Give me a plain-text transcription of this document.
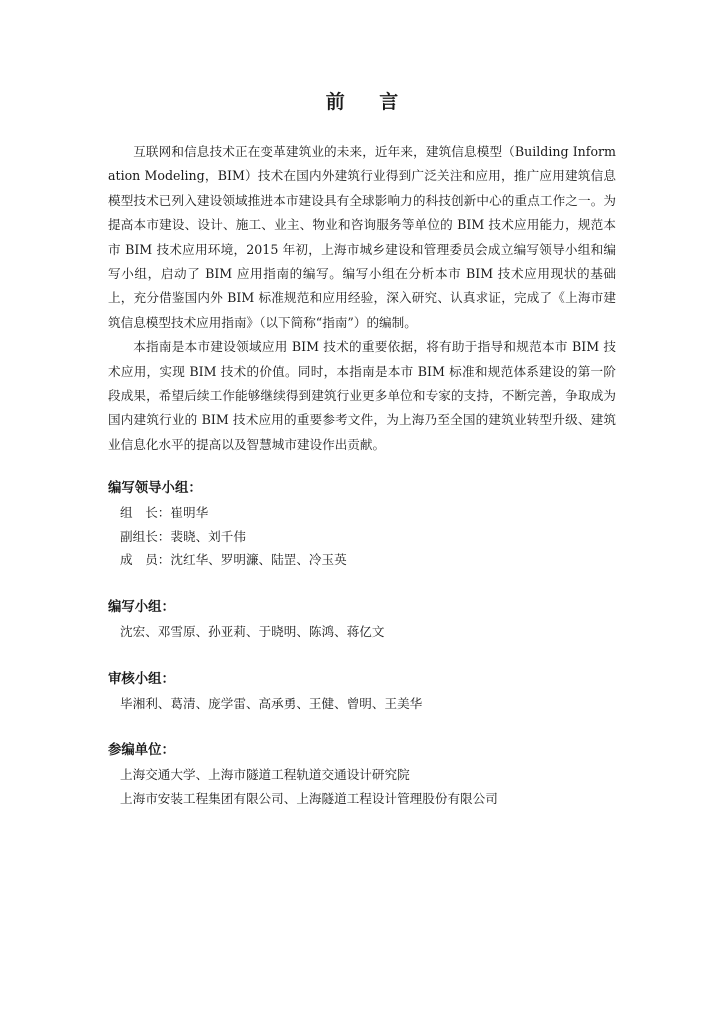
前 言

互联网和信息技术正在变革建筑业的未来，近年来，建筑信息模型（Building Information Modeling，BIM）技术在国内外建筑行业得到广泛关注和应用，推广应用建筑信息模型技术已列入建设领域推进本市建设具有全球影响力的科技创新中心的重点工作之一。为提高本市建设、设计、施工、业主、物业和咨询服务等单位的 BIM 技术应用能力，规范本市 BIM 技术应用环境，2015 年初，上海市城乡建设和管理委员会成立编写领导小组和编写小组，启动了 BIM 应用指南的编写。编写小组在分析本市 BIM 技术应用现状的基础上，充分借鉴国内外 BIM 标准规范和应用经验，深入研究、认真求证，完成了《上海市建筑信息模型技术应用指南》（以下简称“指南”）的编制。

本指南是本市建设领域应用 BIM 技术的重要依据，将有助于指导和规范本市 BIM 技术应用，实现 BIM 技术的价值。同时，本指南是本市 BIM 标准和规范体系建设的第一阶段成果，希望后续工作能够继续得到建筑行业更多单位和专家的支持，不断完善，争取成为国内建筑行业的 BIM 技术应用的重要参考文件，为上海乃至全国的建筑业转型升级、建筑业信息化水平的提高以及智慧城市建设作出贡献。

编写领导小组：

组　长：崔明华

副组长：裴晓、刘千伟

成　员：沈红华、罗明濂、陆罡、冷玉英

编写小组：

沈宏、邓雪原、孙亚莉、于晓明、陈鸿、蒋亿文

审核小组：

毕湘利、葛清、庞学雷、高承勇、王健、曾明、王美华

参编单位：

上海交通大学、上海市隧道工程轨道交通设计研究院

上海市安装工程集团有限公司、上海隧道工程设计管理股份有限公司
